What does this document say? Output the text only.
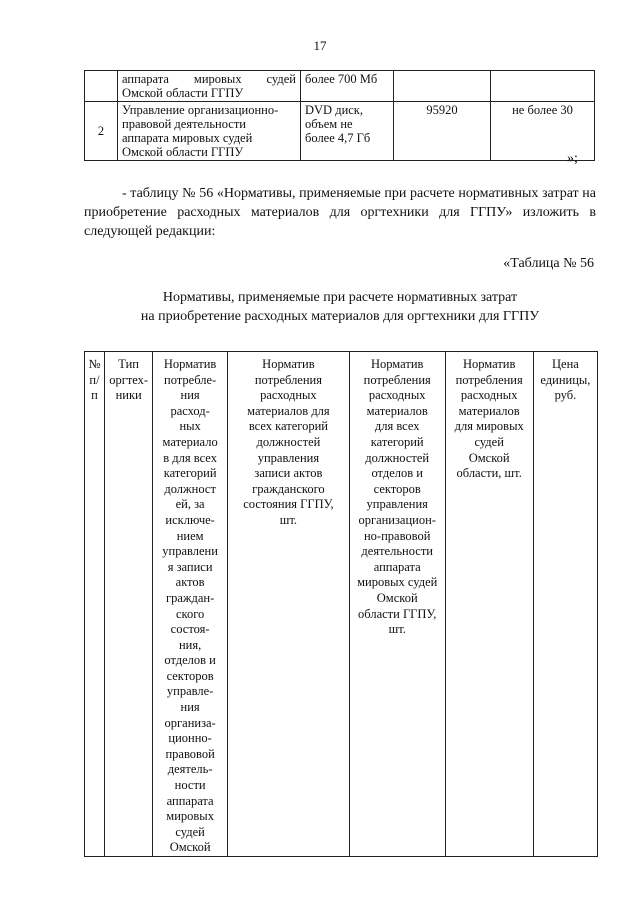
17

	аппарата мировых судей
Омской области ГГПУ	более 700 Мб		
2	Управление организационно-
правовой деятельности
аппарата мировых судей
Омской области ГГПУ	DVD диск,
объем не
более 4,7 Гб	95920	не более 30
»;
- таблицу № 56 «Нормативы, применяемые при расчете нормативных затрат на приобретение расходных материалов для оргтехники для ГГПУ» изложить в следующей редакции:
«Таблица № 56
Нормативы, применяемые при расчете нормативных затрат
на приобретение расходных материалов для оргтехники для ГГПУ
№
п/
п

Тип
оргтех-
ники

Норматив
потребле-
ния
расход-
ных
материало
в для всех
категорий
должност
ей, за
исключе-
нием
управлени
я записи
актов
граждан-
ского
состоя-
ния,
отделов и
секторов
управле-
ния
организа-
ционно-
правовой
деятель-
ности
аппарата
мировых
судей
Омской

Норматив
потребления
расходных
материалов для
всех категорий
должностей
управления
записи актов
гражданского
состояния ГГПУ,
шт.

Норматив
потребления
расходных
материалов
для всех
категорий
должностей
отделов и
секторов
управления
организацион-
но-правовой
деятельности
аппарата
мировых судей
Омской
области ГГПУ,
шт.

Норматив
потребления
расходных
материалов
для мировых
судей
Омской
области, шт.

Цена
единицы,
руб.
